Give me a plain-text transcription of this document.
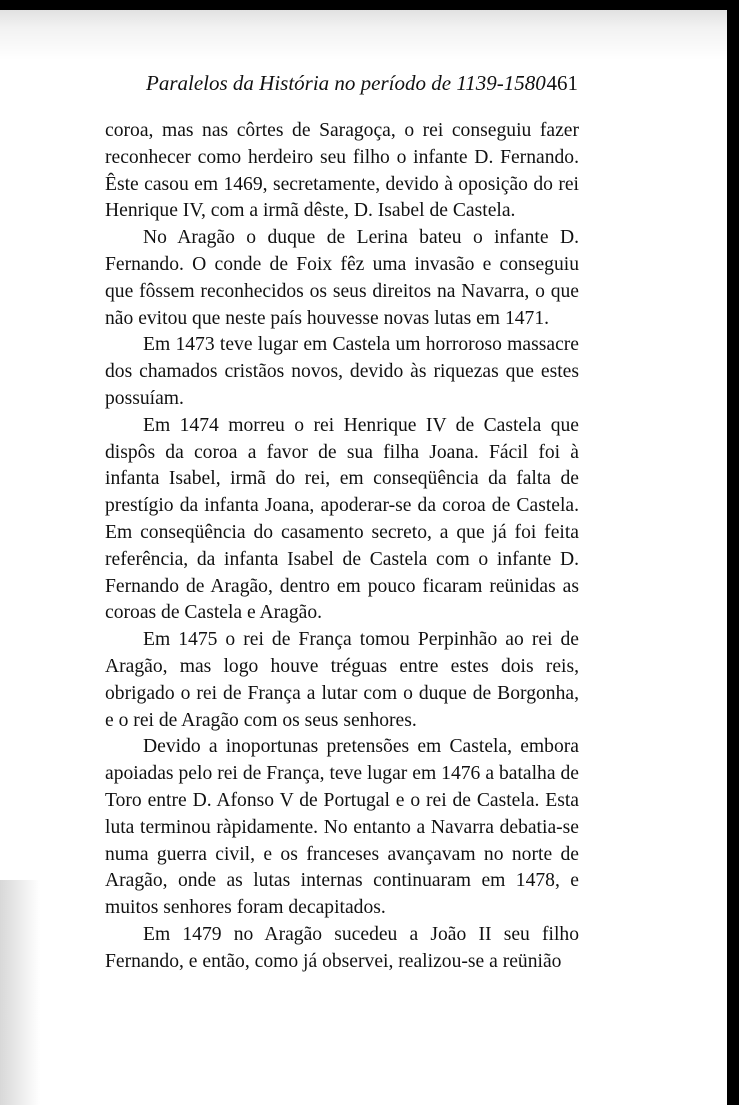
Paralelos da História no período de 1139-1580 461

coroa, mas nas côrtes de Saragoça, o rei conseguiu fazer reconhecer como herdeiro seu filho o infante D. Fernando. Êste casou em 1469, secretamente, devido à oposição do rei Henrique IV, com a irmã dêste, D. Isabel de Castela.

No Aragão o duque de Lerina bateu o infante D. Fernando. O conde de Foix fêz uma invasão e conseguiu que fôssem reconhecidos os seus direitos na Navarra, o que não evitou que neste país houvesse novas lutas em 1471.

Em 1473 teve lugar em Castela um horroroso massacre dos chamados cristãos novos, devido às riquezas que estes possuíam.

Em 1474 morreu o rei Henrique IV de Castela que dispôs da coroa a favor de sua filha Joana. Fácil foi à infanta Isabel, irmã do rei, em conseqüência da falta de prestígio da infanta Joana, apoderar-se da coroa de Castela. Em conseqüência do casamento secreto, a que já foi feita referência, da infanta Isabel de Castela com o infante D. Fernando de Aragão, dentro em pouco ficaram reünidas as coroas de Castela e Aragão.

Em 1475 o rei de França tomou Perpinhão ao rei de Aragão, mas logo houve tréguas entre estes dois reis, obrigado o rei de França a lutar com o duque de Borgonha, e o rei de Aragão com os seus senhores.

Devido a inoportunas pretensões em Castela, embora apoiadas pelo rei de França, teve lugar em 1476 a batalha de Toro entre D. Afonso V de Portugal e o rei de Castela. Esta luta terminou ràpidamente. No entanto a Navarra debatia-se numa guerra civil, e os franceses avançavam no norte de Aragão, onde as lutas internas continuaram em 1478, e muitos senhores foram decapitados.

Em 1479 no Aragão sucedeu a João II seu filho Fernando, e então, como já observei, realizou-se a reünião
